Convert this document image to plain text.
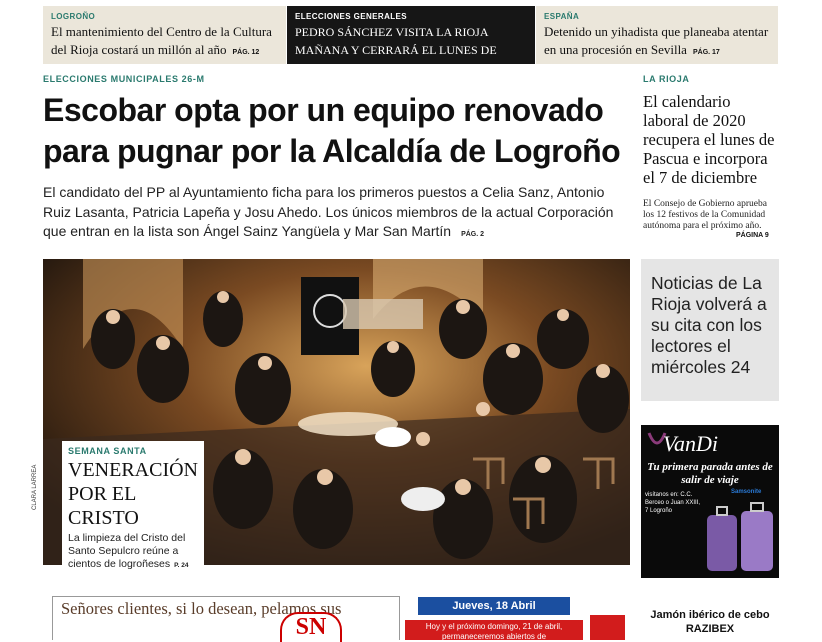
LOGROÑO
El mantenimiento del Centro de la Cultura del Rioja costará un millón al año PÁG. 12
ELECCIONES GENERALES
PEDRO SÁNCHEZ VISITA LA RIOJA MAÑANA Y CERRARÁ EL LUNES DE PASCUA PÁG. 4
ESPAÑA
Detenido un yihadista que planeaba atentar en una procesión en Sevilla PÁG. 17
ELECCIONES MUNICIPALES 26-M
Escobar opta por un equipo renovado para pugnar por la Alcaldía de Logroño
El candidato del PP al Ayuntamiento ficha para los primeros puestos a Celia Sanz, Antonio Ruiz Lasanta, Patricia Lapeña y Josu Ahedo. Los únicos miembros de la actual Corporación que entran en la lista son Ángel Sainz Yangüela y Mar San Martín PÁG. 2
LA RIOJA
El calendario laboral de 2020 recupera el lunes de Pascua e incorpora el 7 de diciembre
El Consejo de Gobierno aprueba los 12 festivos de la Comunidad autónoma para el próximo año.
PÁGINA 9
CLARA LARREA
SEMANA SANTA
VENERACIÓN POR EL CRISTO
La limpieza del Cristo del Santo Sepulcro reúne a cientos de logroñeses P. 24
Noticias de La Rioja volverá a su cita con los lectores el miércoles 24
VanDi
Tu primera parada antes de salir de viaje
visítanos en: C.C. Berceo o Juan XXIII, 7 Logroño
Samsonite
Señores clientes, si lo desean, pelamos sus
SN
Jueves, 18 Abril
Hoy y el próximo domingo, 21 de abril, permaneceremos abiertos de
Jamón ibérico de cebo RAZIBEX
